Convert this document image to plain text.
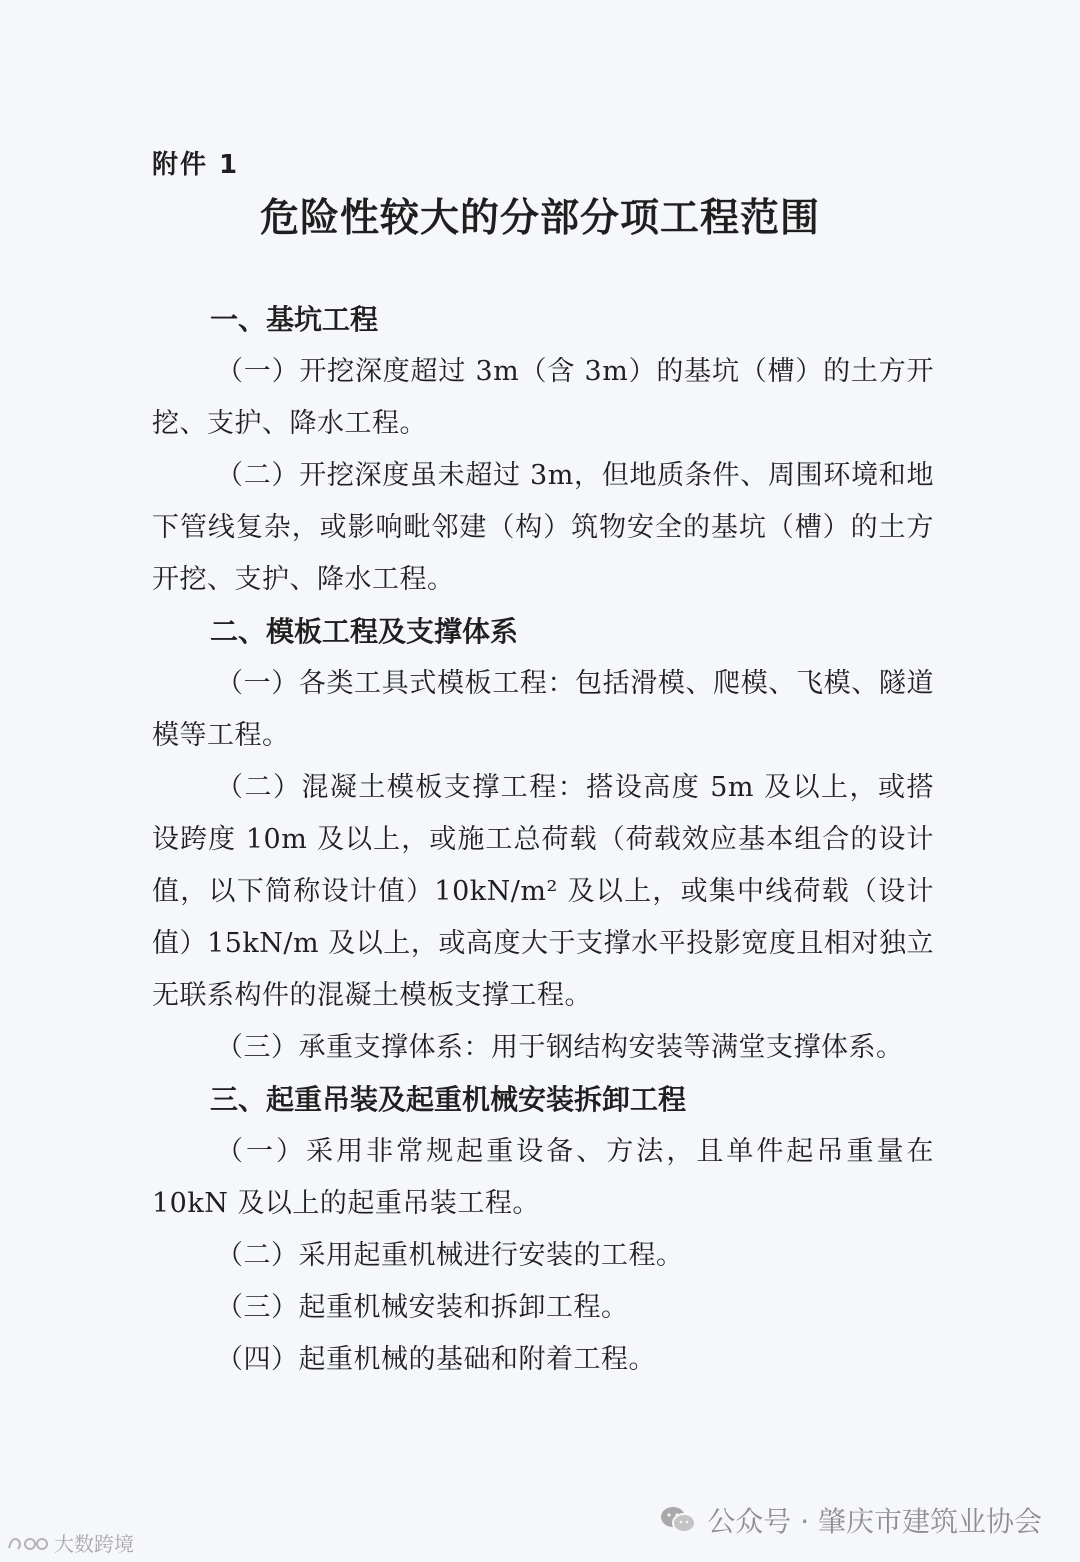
附件 1
危险性较大的分部分项工程范围
一、基坑工程
（一）开挖深度超过 3m（含 3m）的基坑（槽）的土方开挖、支护、降水工程。
（二）开挖深度虽未超过 3m，但地质条件、周围环境和地下管线复杂，或影响毗邻建（构）筑物安全的基坑（槽）的土方开挖、支护、降水工程。
二、模板工程及支撑体系
（一）各类工具式模板工程：包括滑模、爬模、飞模、隧道模等工程。
（二）混凝土模板支撑工程：搭设高度 5m 及以上，或搭设跨度 10m 及以上，或施工总荷载（荷载效应基本组合的设计值，以下简称设计值）10kN/m² 及以上，或集中线荷载（设计值）15kN/m 及以上，或高度大于支撑水平投影宽度且相对独立无联系构件的混凝土模板支撑工程。
（三）承重支撑体系：用于钢结构安装等满堂支撑体系。
三、起重吊装及起重机械安装拆卸工程
（一）采用非常规起重设备、方法，且单件起吊重量在 10kN 及以上的起重吊装工程。
（二）采用起重机械进行安装的工程。
（三）起重机械安装和拆卸工程。
（四）起重机械的基础和附着工程。
公众号 · 肇庆市建筑业协会
大数跨境
